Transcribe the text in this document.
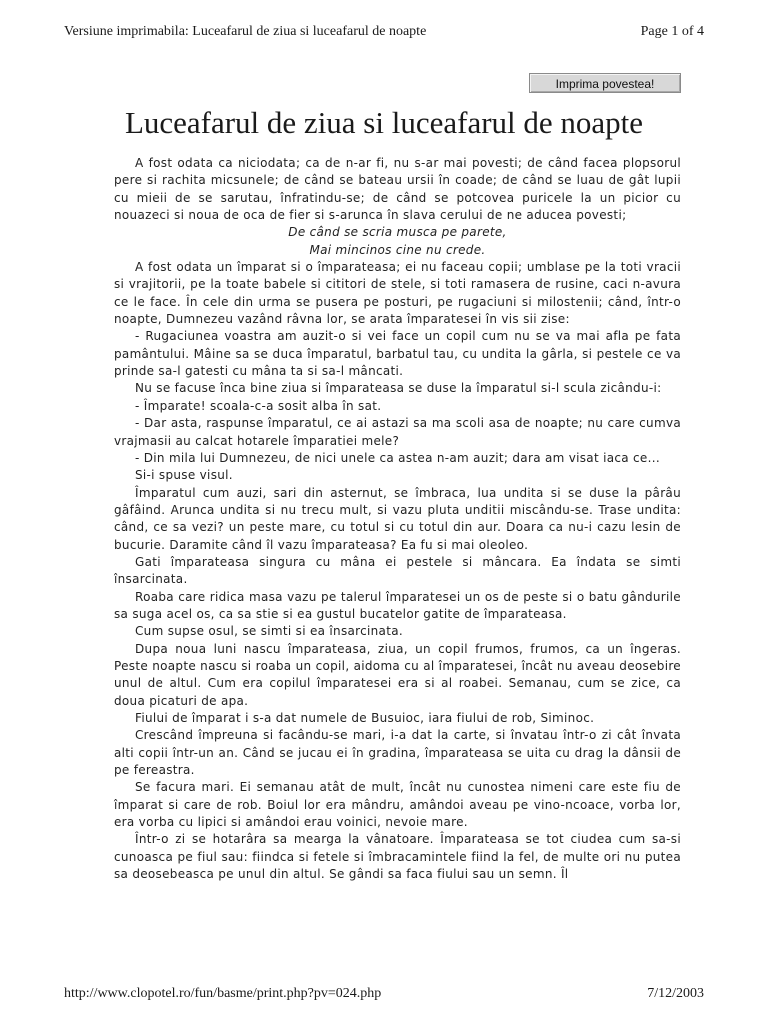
Versiune imprimabila: Luceafarul de ziua si luceafarul de noapte	Page 1 of 4
Imprima povestea!
Luceafarul de ziua si luceafarul de noapte

A fost odata ca niciodata; ca de n-ar fi, nu s-ar mai povesti; de când facea plopsorul pere si rachita micsunele; de când se bateau ursii în coade; de când se luau de gât lupii cu mieii de se sarutau, înfratindu-se; de când se potcovea puricele la un picior cu nouazeci si noua de oca de fier si s-arunca în slava cerului de ne aducea povesti;

De când se scria musca pe parete,

Mai mincinos cine nu crede.

A fost odata un împarat si o împarateasa; ei nu faceau copii; umblase pe la toti vracii si vrajitorii, pe la toate babele si cititori de stele, si toti ramasera de rusine, caci n-avura ce le face. În cele din urma se pusera pe posturi, pe rugaciuni si milostenii; când, într-o noapte, Dumnezeu vazând râvna lor, se arata împaratesei în vis sii zise:

- Rugaciunea voastra am auzit-o si vei face un copil cum nu se va mai afla pe fata pamântului. Mâine sa se duca împaratul, barbatul tau, cu undita la gârla, si pestele ce va prinde sa-l gatesti cu mâna ta si sa-l mâncati.

Nu se facuse înca bine ziua si împarateasa se duse la împaratul si-l scula zicându-i:

- Împarate! scoala-c-a sosit alba în sat.

- Dar asta, raspunse împaratul, ce ai astazi sa ma scoli asa de noapte; nu care cumva vrajmasii au calcat hotarele împaratiei mele?

- Din mila lui Dumnezeu, de nici unele ca astea n-am auzit; dara am visat iaca ce...

Si-i spuse visul.

Împaratul cum auzi, sari din asternut, se îmbraca, lua undita si se duse la pârâu gâfâind. Arunca undita si nu trecu mult, si vazu pluta unditii miscându-se. Trase undita: când, ce sa vezi? un peste mare, cu totul si cu totul din aur. Doara ca nu-i cazu lesin de bucurie. Daramite când îl vazu împarateasa? Ea fu si mai oleoleo.

Gati împarateasa singura cu mâna ei pestele si mâncara. Ea îndata se simti însarcinata.

Roaba care ridica masa vazu pe talerul împaratesei un os de peste si o batu gândurile sa suga acel os, ca sa stie si ea gustul bucatelor gatite de împarateasa.

Cum supse osul, se simti si ea însarcinata.

Dupa noua luni nascu împarateasa, ziua, un copil frumos, frumos, ca un îngeras. Peste noapte nascu si roaba un copil, aidoma cu al împaratesei, încât nu aveau deosebire unul de altul. Cum era copilul împaratesei era si al roabei. Semanau, cum se zice, ca doua picaturi de apa.

Fiului de împarat i s-a dat numele de Busuioc, iara fiului de rob, Siminoc.

Crescând împreuna si facându-se mari, i-a dat la carte, si învatau într-o zi cât învata alti copii într-un an. Când se jucau ei în gradina, împarateasa se uita cu drag la dânsii de pe fereastra.

Se facura mari. Ei semanau atât de mult, încât nu cunostea nimeni care este fiu de împarat si care de rob. Boiul lor era mândru, amândoi aveau pe vino-ncoace, vorba lor, era vorba cu lipici si amândoi erau voinici, nevoie mare.

Într-o zi se hotarâra sa mearga la vânatoare. Împarateasa se tot ciudea cum sa-si cunoasca pe fiul sau: fiindca si fetele si îmbracamintele fiind la fel, de multe ori nu putea sa deosebeasca pe unul din altul. Se gândi sa faca fiului sau un semn. Îl

http://www.clopotel.ro/fun/basme/print.php?pv=024.php	7/12/2003
